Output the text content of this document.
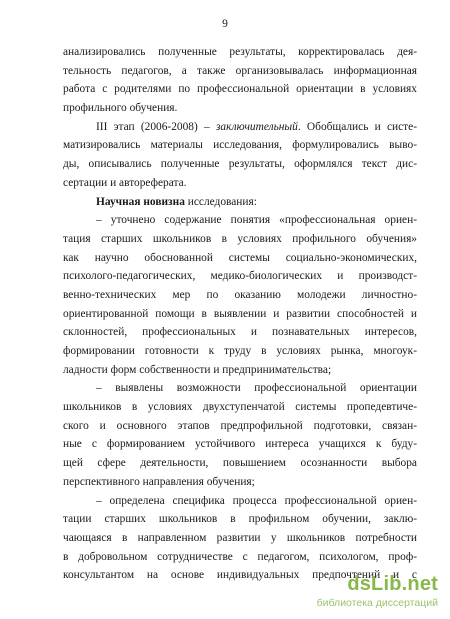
9
анализировались полученные результаты, корректировалась дея-
тельность педагогов, а также организовывалась информационная
работа с родителями по профессиональной ориентации в условиях
профильного обучения.
III этап (2006-2008) – заключительный. Обобщались и систе-
матизировались материалы исследования, формулировались выво-
ды, описывались полученные результаты, оформлялся текст дис-
сертации и автореферата.
Научная новизна исследования:
– уточнено содержание понятия «профессиональная ориен-
тация старших школьников в условиях профильного обучения»
как научно обоснованной системы социально-экономических,
психолого-педагогических, медико-биологических и производст-
венно-технических мер по оказанию молодежи личностно-
ориентированной помощи в выявлении и развитии способностей и
склонностей, профессиональных и познавательных интересов,
формировании готовности к труду в условиях рынка, многоук-
ладности форм собственности и предпринимательства;
– выявлены возможности профессиональной ориентации
школьников в условиях двухступенчатой системы пропедевтиче-
ского и основного этапов предпрофильной подготовки, связан-
ные с формированием устойчивого интереса учащихся к буду-
щей сфере деятельности, повышением осознанности выбора
перспективного направления обучения;
– определена специфика процесса профессиональной ориен-
тации старших школьников в профильном обучении, заклю-
чающаяся в направленном развитии у школьников потребности
в добровольном сотрудничестве с педагогом, психологом, проф-
консультантом на основе индивидуальных предпочтений и с
dsLib.net
библиотека диссертаций
